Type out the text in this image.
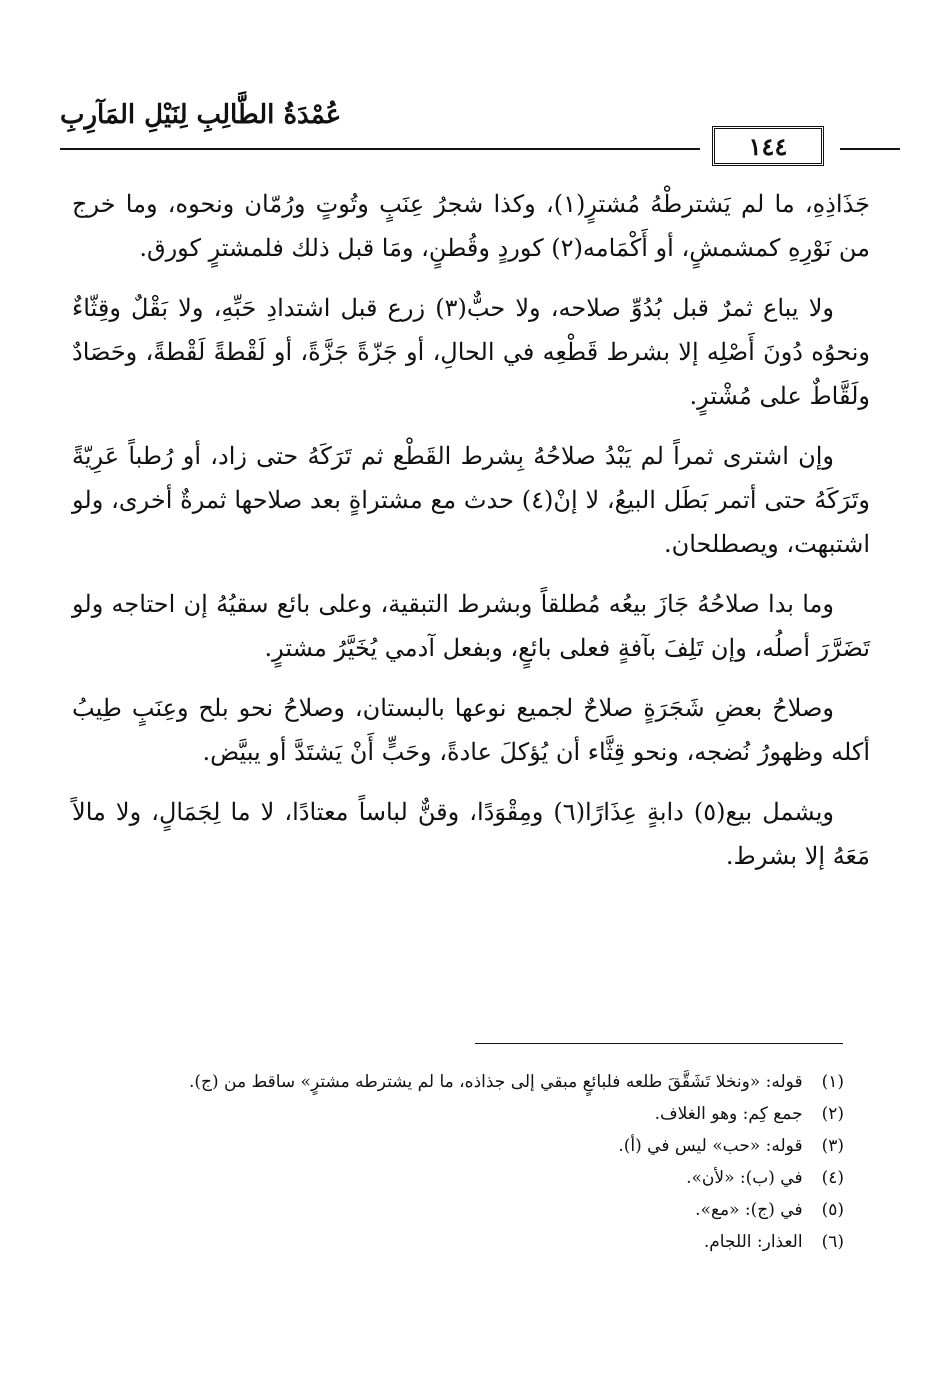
عُمْدَةُ الطَّالِبِ لِنَيْلِ المَآرِبِ
١٤٤

جَذَاذِهِ، ما لم يَشترطْهُ مُشترٍ(١)، وكذا شجرُ عِنَبٍ وتُوتٍ ورُمّان ونحوه، وما خرج من نَوْرِهِ كمشمشٍ، أو أَكْمَامه(٢) كوردٍ وقُطنٍ، ومَا قبل ذلك فلمشترٍ كورق.

ولا يباع ثمرٌ قبل بُدُوِّ صلاحه، ولا حبٌّ(٣) زرع قبل اشتدادِ حَبِّهِ، ولا بَقْلٌ وقِثّاءٌ ونحوُه دُونَ أَصْلِه إلا بشرط قَطْعِه في الحالِ، أو جَزّةً جَزَّةً، أو لَقْطةً لَقْطةً، وحَصَادٌ ولَقَّاطٌ على مُشْترٍ.

وإن اشترى ثمراً لم يَبْدُ صلاحُهُ بِشرط القَطْع ثم تَرَكَهُ حتى زاد، أو رُطباً عَرِيّةً وتَرَكَهُ حتى أتمر بَطَل البيعُ، لا إنْ(٤) حدث مع مشتراةٍ بعد صلاحها ثمرةٌ أخرى، ولو اشتبهت، ويصطلحان.

وما بدا صلاحُهُ جَازَ بيعُه مُطلقاً وبشرط التبقية، وعلى بائع سقيُهُ إن احتاجه ولو تَضَرَّرَ أصلُه، وإن تَلِفَ بآفةٍ فعلى بائعٍ، وبفعل آدمي يُخَيَّرُ مشترٍ.

وصلاحُ بعضِ شَجَرَةٍ صلاحٌ لجميع نوعها بالبستان، وصلاحُ نحو بلح وعِنَبٍ طِيبُ أكله وظهورُ نُضجه، ونحو قِثَّاء أن يُؤكلَ عادةً، وحَبٍّ أَنْ يَشتَدَّ أو يبيَّض.

ويشمل بيع(٥) دابةٍ عِذَارًا(٦) ومِقْوَدًا، وقنٌّ لباساً معتادًا، لا ما لِجَمَالٍ، ولا مالاً مَعَهُ إلا بشرط.

(١) قوله: «ونخلا تَشَقَّقَ طلعه فلبائعٍ مبقي إلى جذاذه، ما لم يشترطه مشترٍ» ساقط من (ج).

(٢) جمع كِم: وهو الغلاف.

(٣) قوله: «حب» ليس في (أ).

(٤) في (ب): «لأن».

(٥) في (ج): «مع».

(٦) العذار: اللجام.
